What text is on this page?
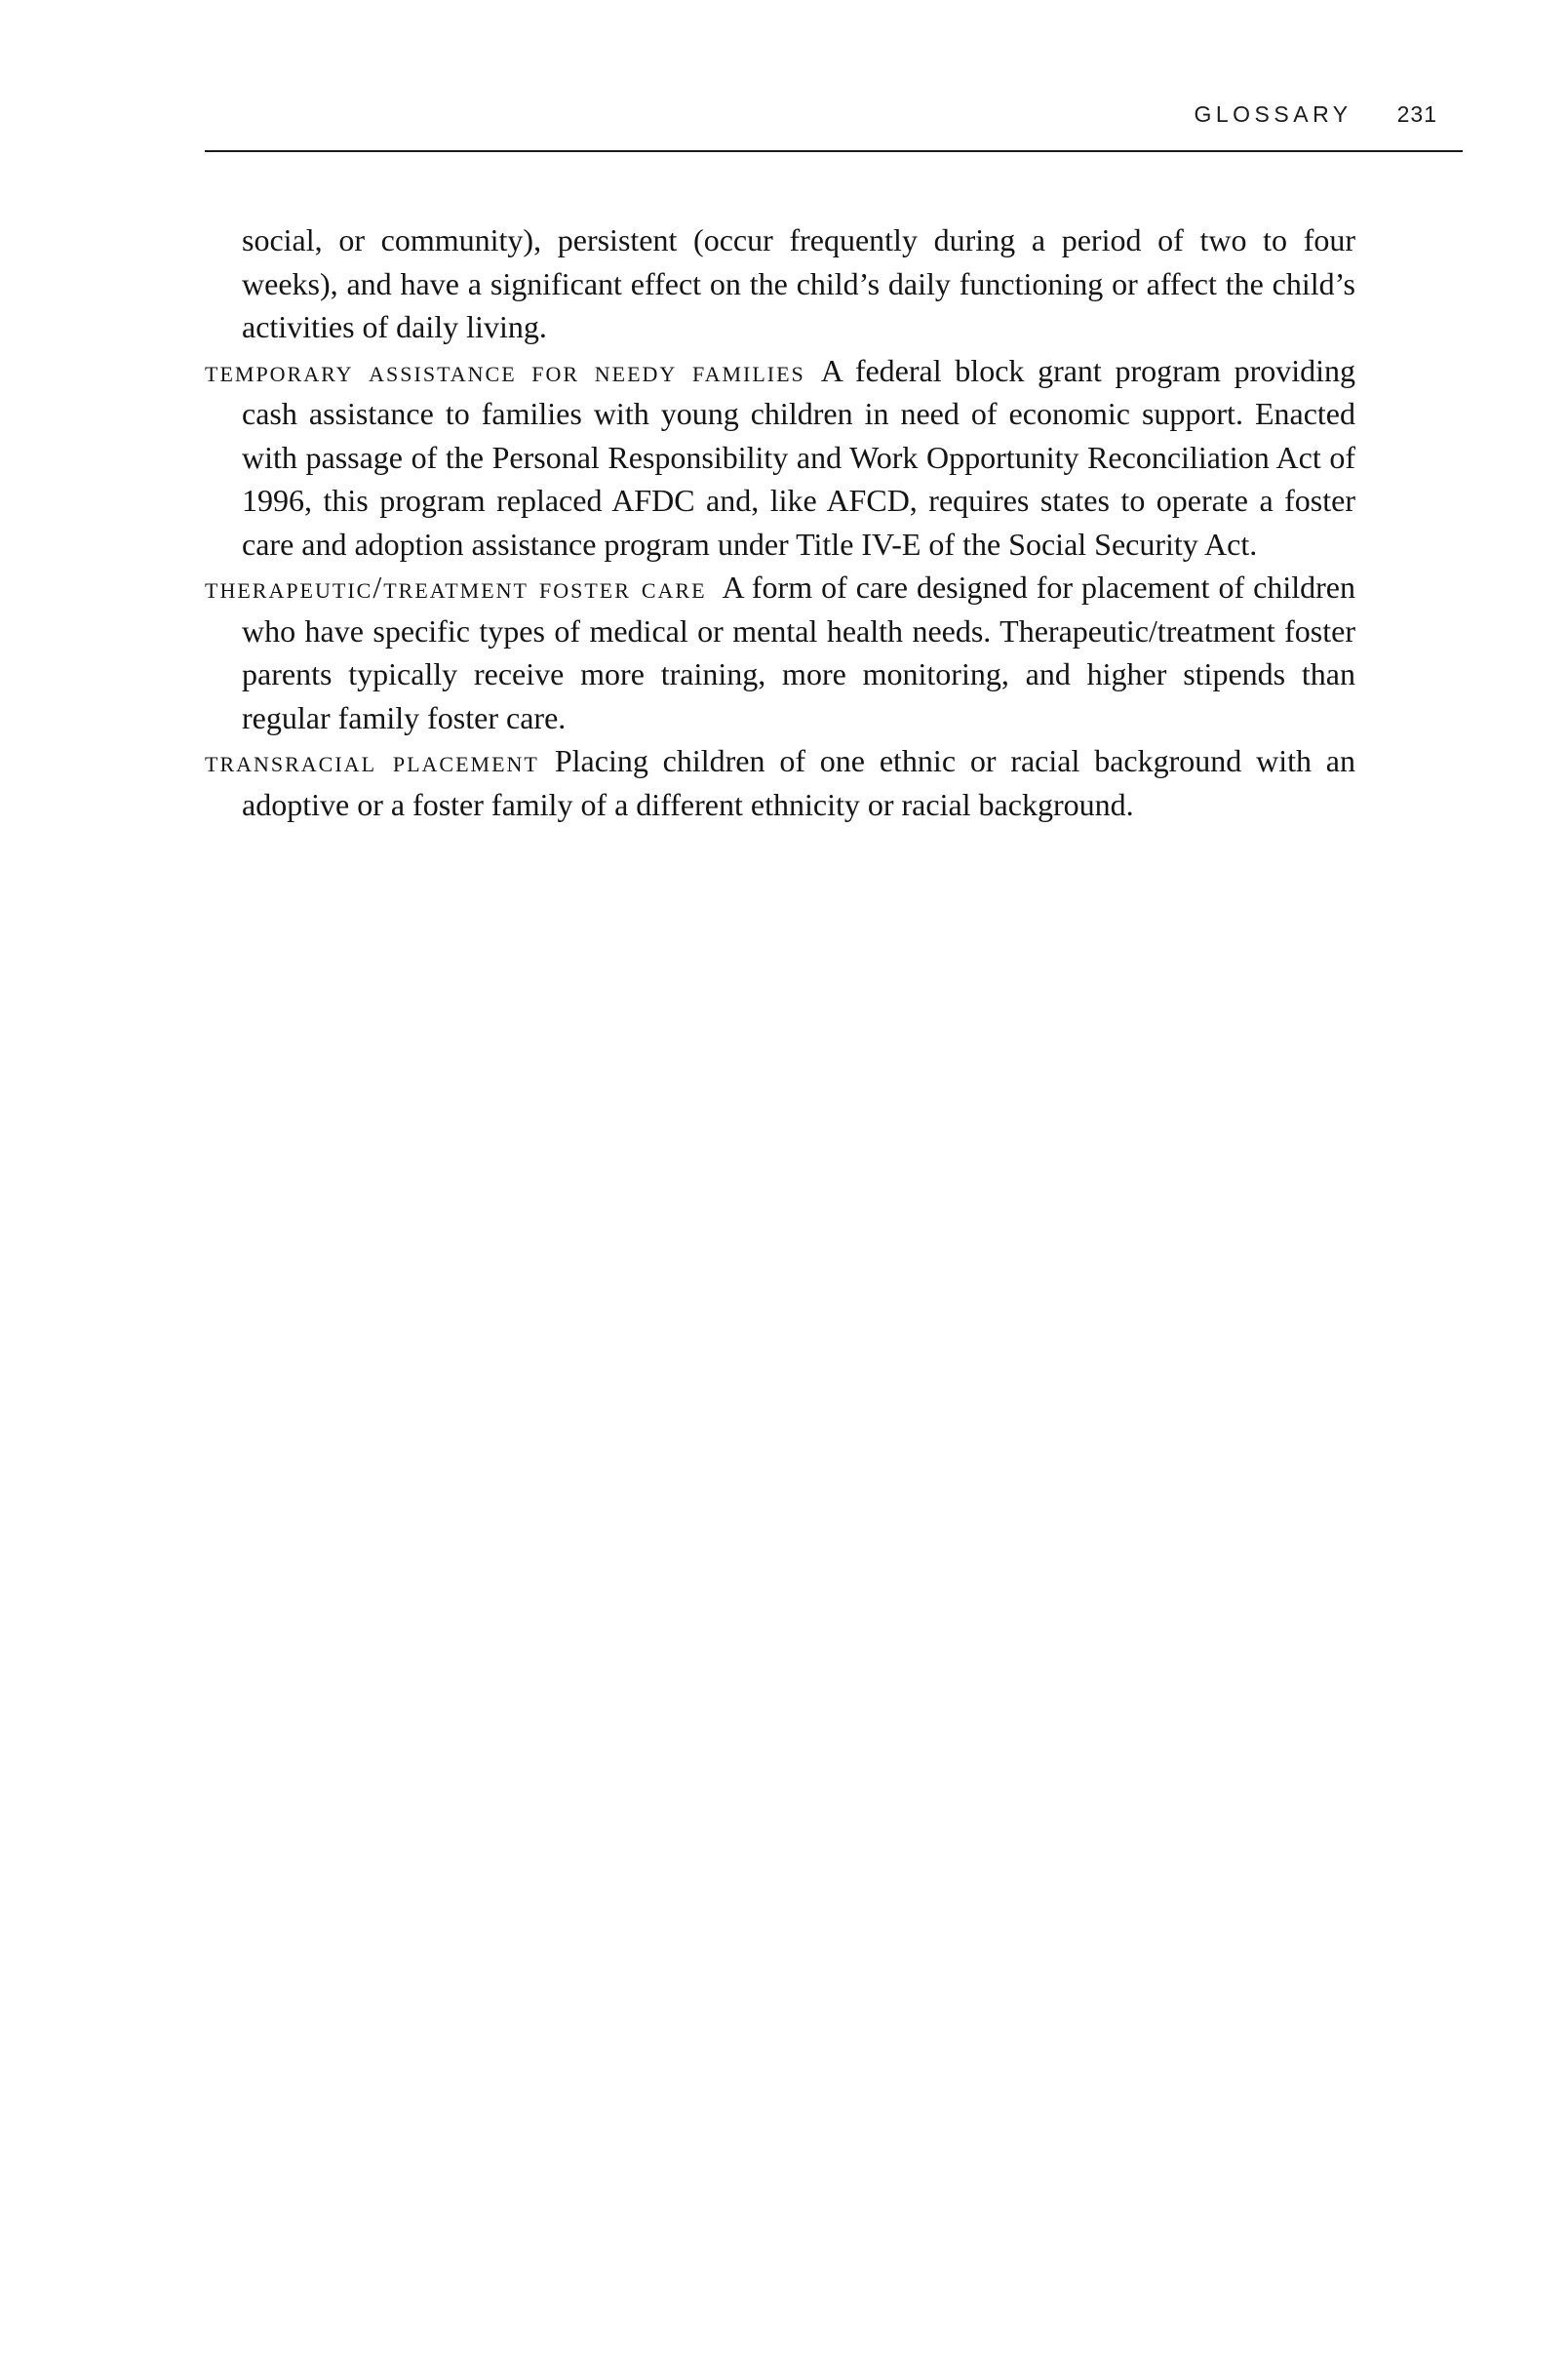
GLOSSARY 231

social, or community), persistent (occur frequently during a period of two to four weeks), and have a significant effect on the child’s daily functioning or affect the child’s activities of daily living.

temporary assistance for needy families A federal block grant program providing cash assistance to families with young children in need of economic support. Enacted with passage of the Personal Responsibility and Work Opportunity Reconciliation Act of 1996, this program replaced AFDC and, like AFCD, requires states to operate a foster care and adoption assistance program under Title IV-E of the Social Security Act.

therapeutic/treatment foster care A form of care designed for placement of children who have specific types of medical or mental health needs. Therapeutic/treatment foster parents typically receive more training, more monitoring, and higher stipends than regular family foster care.

transracial placement Placing children of one ethnic or racial background with an adoptive or a foster family of a different ethnicity or racial background.
